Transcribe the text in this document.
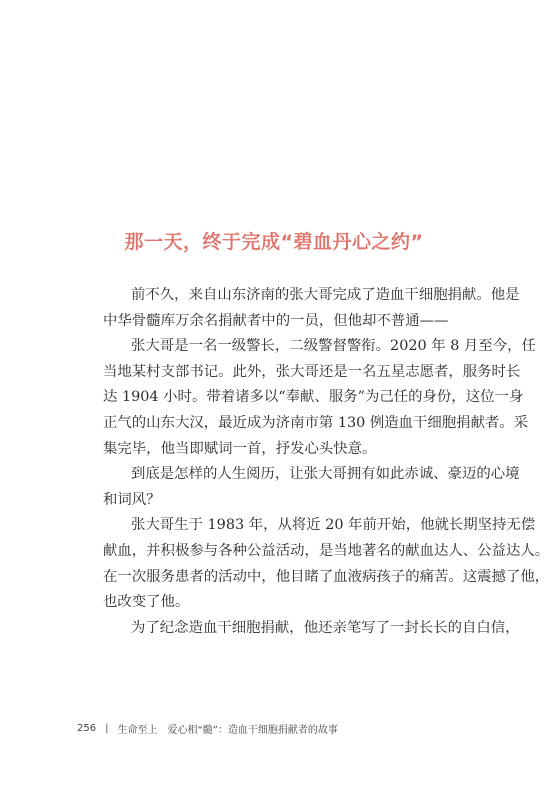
那一天，终于完成“碧血丹心之约”
前不久，来自山东济南的张大哥完成了造血干细胞捐献。他是
中华骨髓库万余名捐献者中的一员，但他却不普通——
张大哥是一名一级警长，二级警督警衔。2020 年 8 月至今，任
当地某村支部书记。此外，张大哥还是一名五星志愿者，服务时长
达 1904 小时。带着诸多以“奉献、服务”为己任的身份，这位一身
正气的山东大汉，最近成为济南市第 130 例造血干细胞捐献者。采
集完毕，他当即赋词一首，抒发心头快意。
到底是怎样的人生阅历，让张大哥拥有如此赤诚、豪迈的心境
和词风？
张大哥生于 1983 年，从将近 20 年前开始，他就长期坚持无偿
献血，并积极参与各种公益活动，是当地著名的献血达人、公益达人。
在一次服务患者的活动中，他目睹了血液病孩子的痛苦。这震撼了他，
也改变了他。
为了纪念造血干细胞捐献，他还亲笔写了一封长长的自白信，
256 | 生命至上 爱心相“髓”：造血干细胞捐献者的故事
